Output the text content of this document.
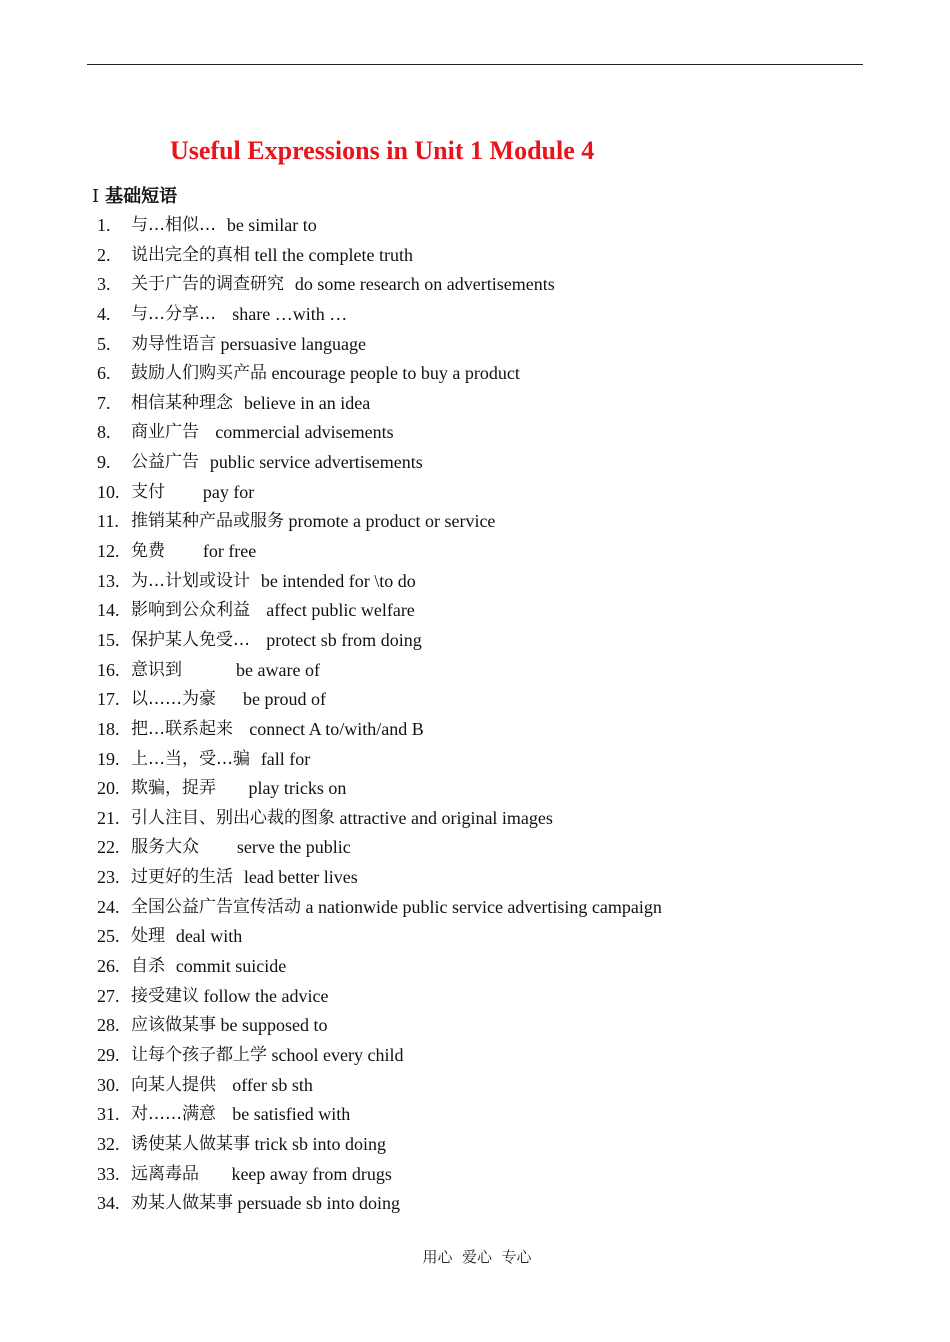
Useful Expressions in Unit 1 Module 4
Ⅰ 基础短语
1.	与…相似… be similar to
2.	说出完全的真相 tell the complete truth
3.	关于广告的调查研究 do some research on advertisements
4.	与…分享… share …with …
5.	劝导性语言 persuasive language
6.	鼓励人们购买产品 encourage people to buy a product
7.	相信某种理念 believe in an idea
8.	商业广告 commercial advisements
9.	公益广告 public service advertisements
10. 支付 pay for
11. 推销某种产品或服务 promote a product or service
12. 免费 for free
13. 为…计划或设计 be intended for \to do
14. 影响到公众利益 affect public welfare
15. 保护某人免受… protect sb from doing
16. 意识到 be aware of
17. 以……为豪 be proud of
18. 把…联系起来 connect A to/with/and B
19. 上…当，受…骗 fall for
20. 欺骗，捉弄 play tricks on
21. 引人注目、别出心裁的图象 attractive and original images
22. 服务大众 serve the public
23. 过更好的生活 lead better lives
24. 全国公益广告宣传活动 a nationwide public service advertising campaign
25. 处理 deal with
26. 自杀 commit suicide
27. 接受建议 follow the advice
28. 应该做某事 be supposed to
29. 让每个孩子都上学 school every child
30. 向某人提供 offer sb sth
31. 对……满意 be satisfied with
32. 诱使某人做某事 trick sb into doing
33. 远离毒品 keep away from drugs
34. 劝某人做某事 persuade sb into doing
用心  爱心  专心
